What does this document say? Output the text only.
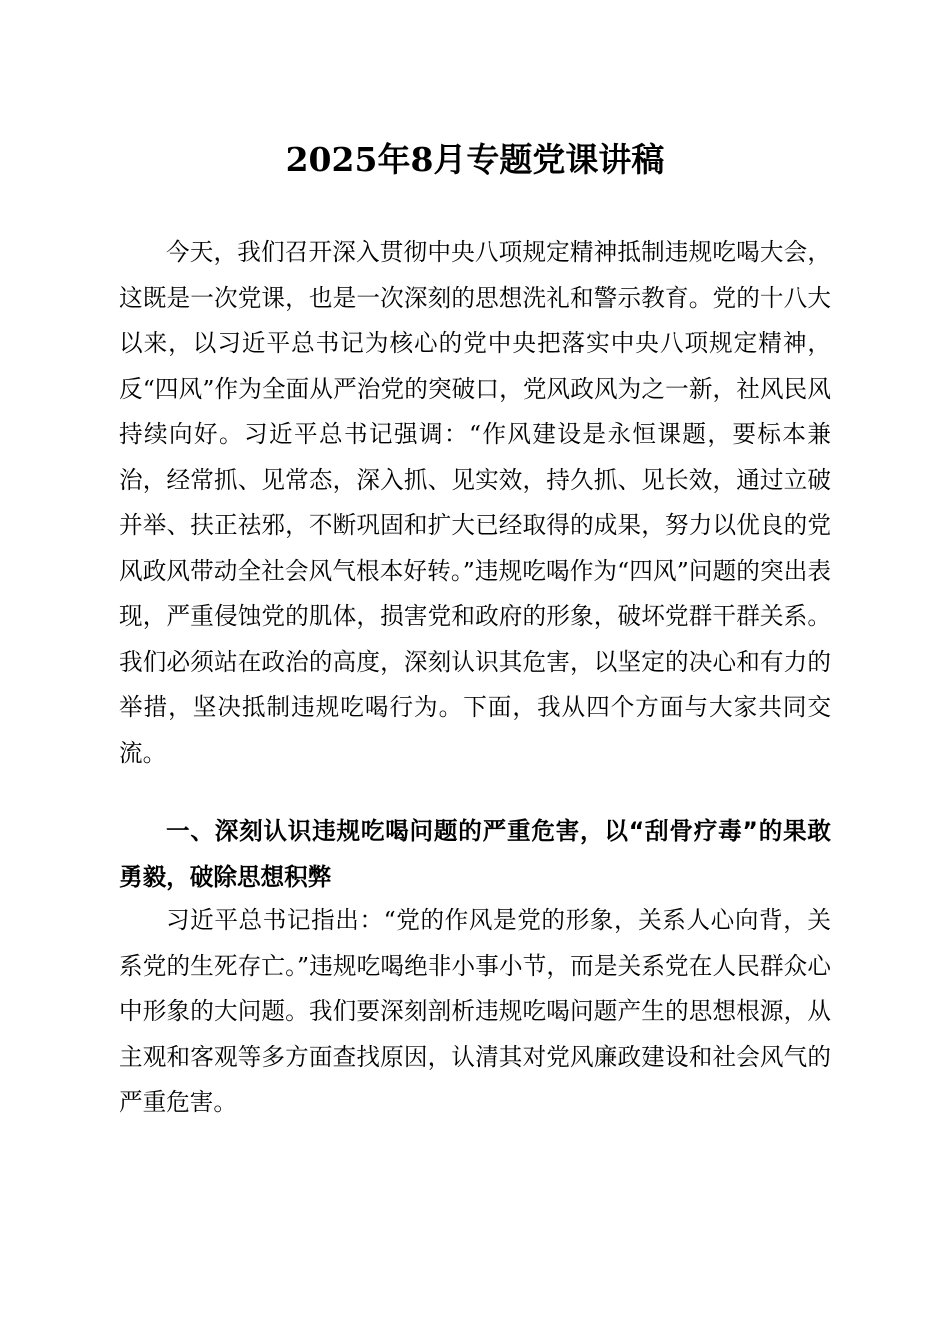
2025年8月专题党课讲稿

今天，我们召开深入贯彻中央八项规定精神抵制违规吃喝大会，这既是一次党课，也是一次深刻的思想洗礼和警示教育。党的十八大以来，以习近平总书记为核心的党中央把落实中央八项规定精神，反“四风”作为全面从严治党的突破口，党风政风为之一新，社风民风持续向好。习近平总书记强调：“作风建设是永恒课题，要标本兼治，经常抓、见常态，深入抓、见实效，持久抓、见长效，通过立破并举、扶正祛邪，不断巩固和扩大已经取得的成果，努力以优良的党风政风带动全社会风气根本好转。”违规吃喝作为“四风”问题的突出表现，严重侵蚀党的肌体，损害党和政府的形象，破坏党群干群关系。我们必须站在政治的高度，深刻认识其危害，以坚定的决心和有力的举措，坚决抵制违规吃喝行为。下面，我从四个方面与大家共同交流。

一、深刻认识违规吃喝问题的严重危害，以“刮骨疗毒”的果敢勇毅，破除思想积弊

习近平总书记指出：“党的作风是党的形象，关系人心向背，关系党的生死存亡。”违规吃喝绝非小事小节，而是关系党在人民群众心中形象的大问题。我们要深刻剖析违规吃喝问题产生的思想根源，从主观和客观等多方面查找原因，认清其对党风廉政建设和社会风气的严重危害。
